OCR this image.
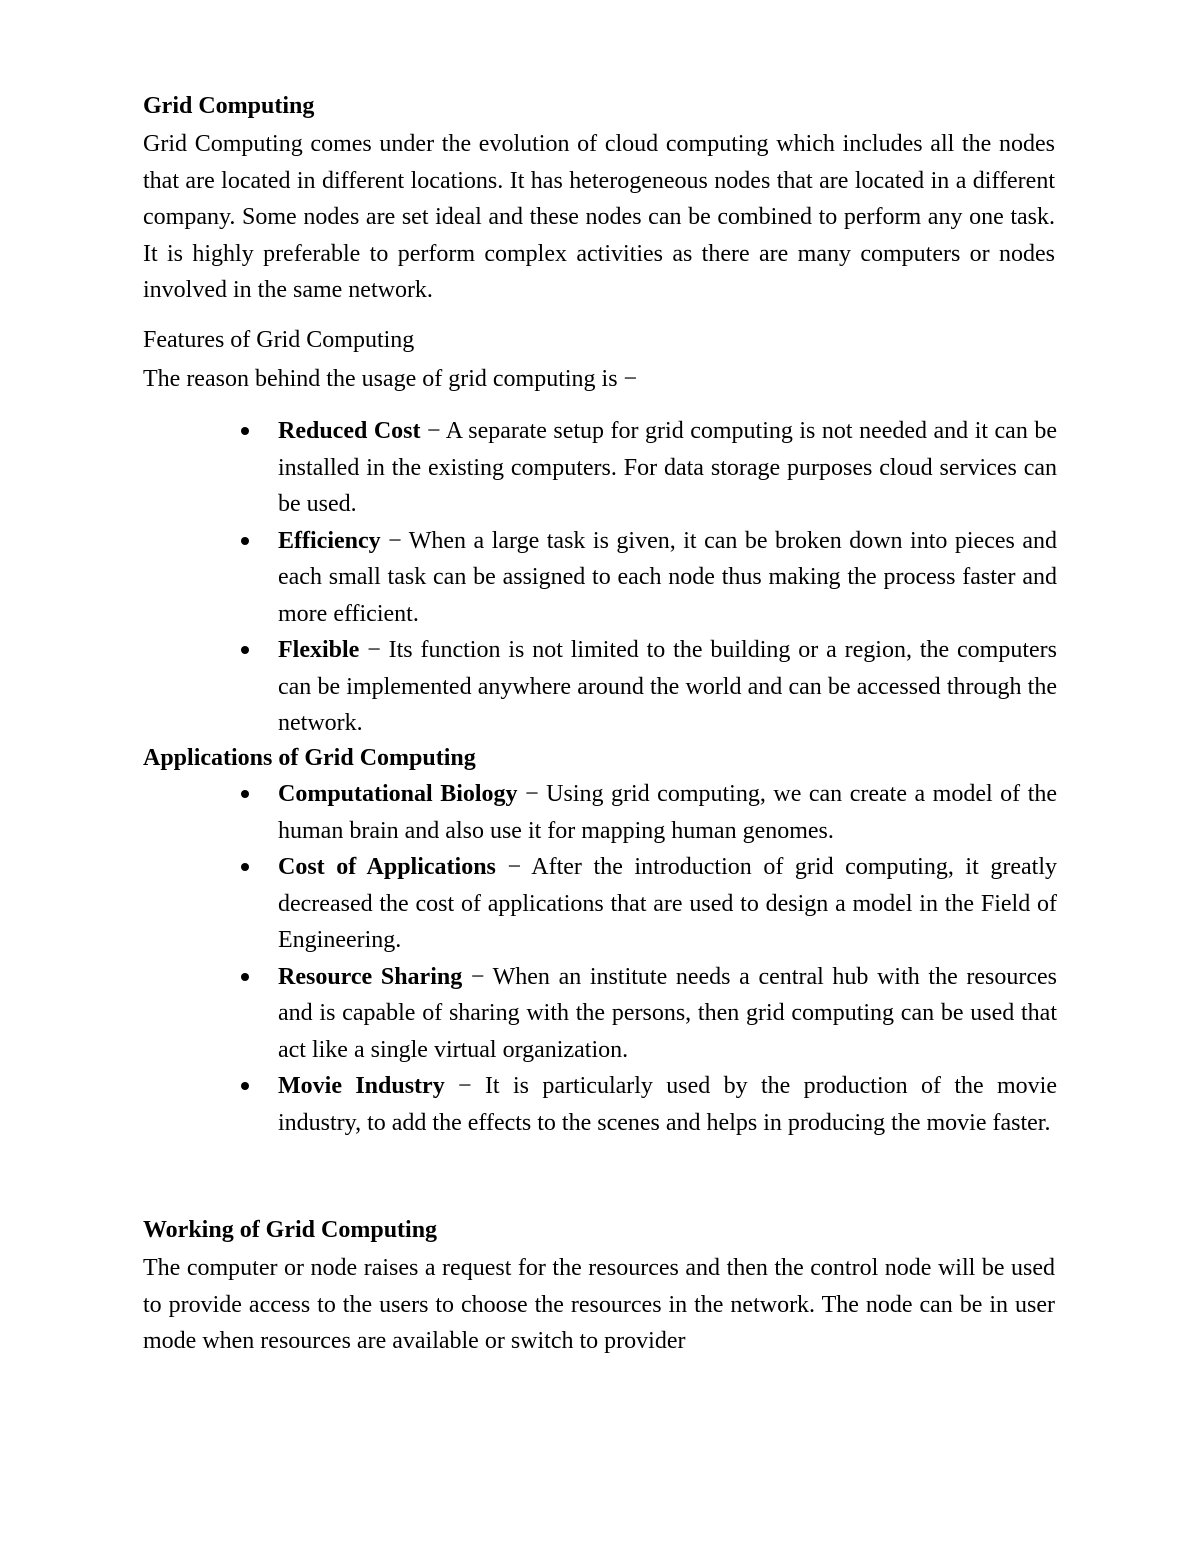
Grid Computing

Grid Computing comes under the evolution of cloud computing which includes all the nodes that are located in different locations. It has heterogeneous nodes that are located in a different company. Some nodes are set ideal and these nodes can be combined to perform any one task. It is highly preferable to perform complex activities as there are many computers or nodes involved in the same network.

Features of Grid Computing

The reason behind the usage of grid computing is −

Reduced Cost − A separate setup for grid computing is not needed and it can be installed in the existing computers. For data storage purposes cloud services can be used.
Efficiency − When a large task is given, it can be broken down into pieces and each small task can be assigned to each node thus making the process faster and more efficient.
Flexible − Its function is not limited to the building or a region, the computers can be implemented anywhere around the world and can be accessed through the network.
Applications of Grid Computing
Computational Biology − Using grid computing, we can create a model of the human brain and also use it for mapping human genomes.
Cost of Applications − After the introduction of grid computing, it greatly decreased the cost of applications that are used to design a model in the Field of Engineering.
Resource Sharing − When an institute needs a central hub with the resources and is capable of sharing with the persons, then grid computing can be used that act like a single virtual organization.
Movie Industry − It is particularly used by the production of the movie industry, to add the effects to the scenes and helps in producing the movie faster.
Working of Grid Computing

The computer or node raises a request for the resources and then the control node will be used to provide access to the users to choose the resources in the network. The node can be in user mode when resources are available or switch to provider
